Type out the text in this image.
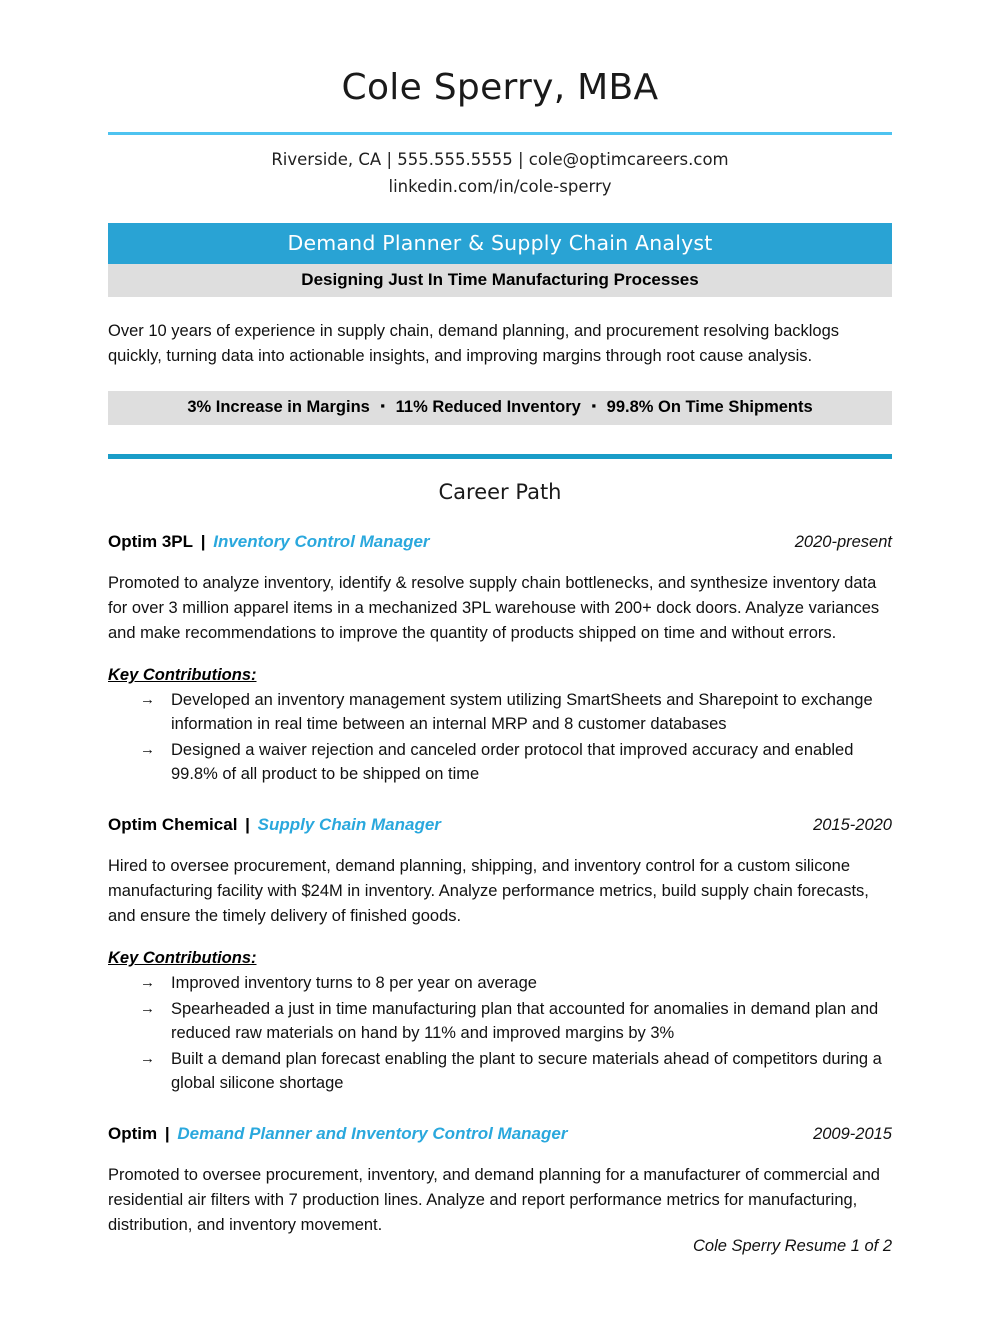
Cole Sperry, MBA
Riverside, CA | 555.555.5555 | cole@optimcareers.com
linkedin.com/in/cole-sperry
Demand Planner & Supply Chain Analyst
Designing Just In Time Manufacturing Processes
Over 10 years of experience in supply chain, demand planning, and procurement resolving backlogs quickly, turning data into actionable insights, and improving margins through root cause analysis.
3% Increase in Margins ▪ 11% Reduced Inventory ▪ 99.8% On Time Shipments
Career Path
Optim 3PL | Inventory Control Manager	2020-present
Promoted to analyze inventory, identify & resolve supply chain bottlenecks, and synthesize inventory data for over 3 million apparel items in a mechanized 3PL warehouse with 200+ dock doors. Analyze variances and make recommendations to improve the quantity of products shipped on time and without errors.
Key Contributions:
→ Developed an inventory management system utilizing SmartSheets and Sharepoint to exchange information in real time between an internal MRP and 8 customer databases
→ Designed a waiver rejection and canceled order protocol that improved accuracy and enabled 99.8% of all product to be shipped on time
Optim Chemical | Supply Chain Manager	2015-2020
Hired to oversee procurement, demand planning, shipping, and inventory control for a custom silicone manufacturing facility with $24M in inventory. Analyze performance metrics, build supply chain forecasts, and ensure the timely delivery of finished goods.
Key Contributions:
→ Improved inventory turns to 8 per year on average
→ Spearheaded a just in time manufacturing plan that accounted for anomalies in demand plan and reduced raw materials on hand by 11% and improved margins by 3%
→ Built a demand plan forecast enabling the plant to secure materials ahead of competitors during a global silicone shortage
Optim | Demand Planner and Inventory Control Manager	2009-2015
Promoted to oversee procurement, inventory, and demand planning for a manufacturer of commercial and residential air filters with 7 production lines. Analyze and report performance metrics for manufacturing, distribution, and inventory movement.
Cole Sperry Resume 1 of 2
